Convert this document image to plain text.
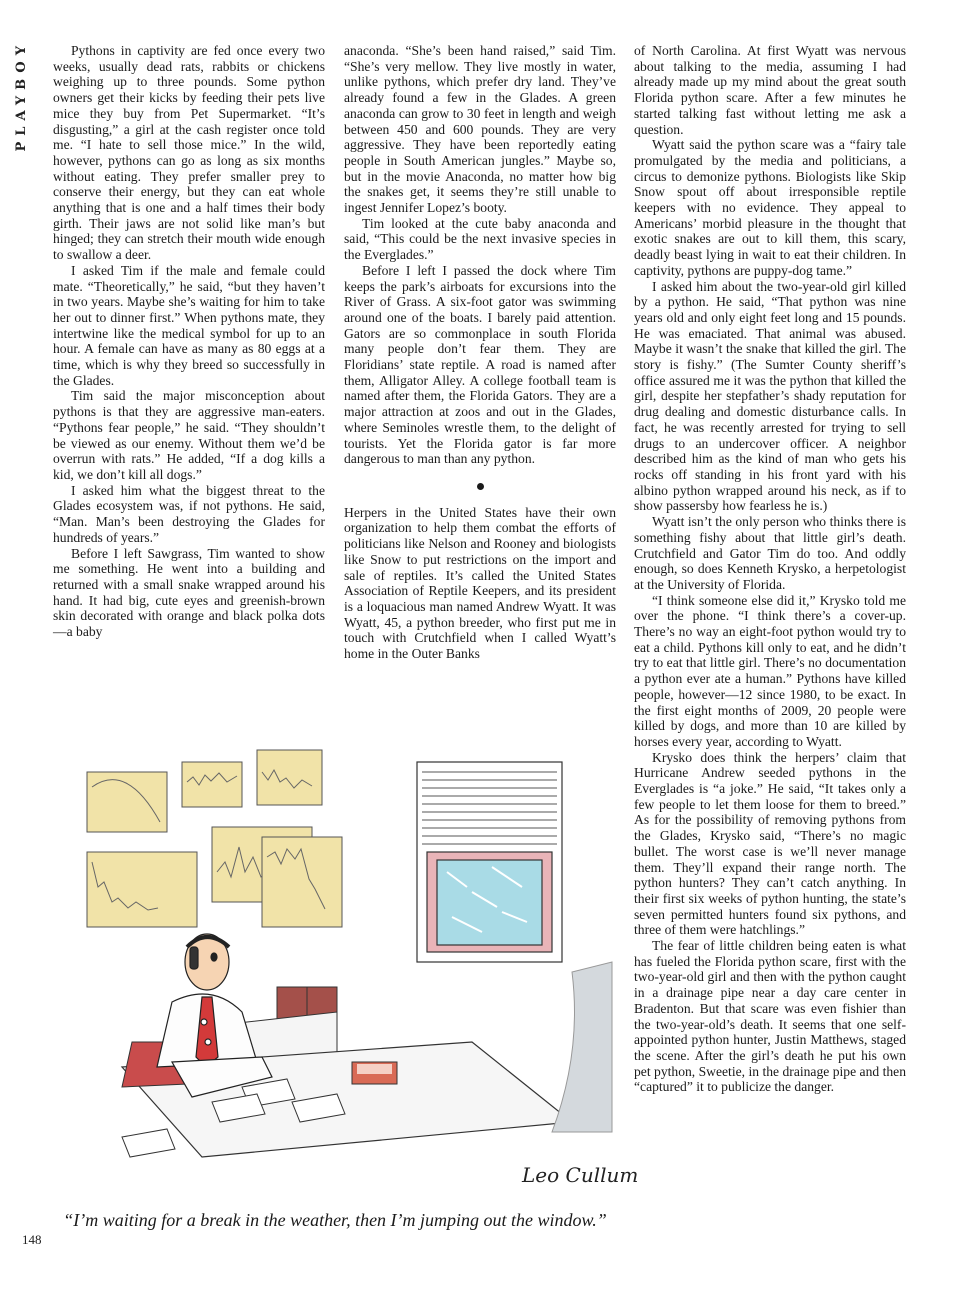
PLAYBOY	Pythons in captivity are fed once every two weeks, usually dead rats, rabbits or chickens weighing up to three pounds. Some python owners get their kicks by feeding their pets live mice they buy from Pet Supermarket. “It’s disgusting,” a girl at the cash register once told me. “I hate to sell those mice.” In the wild, however, pythons can go as long as six months without eating. They prefer smaller prey to conserve their energy, but they can eat whole anything that is one and a half times their body girth. Their jaws are not solid like man’s but hinged; they can stretch their mouth wide enough to swallow a deer.

I asked Tim if the male and female could mate. “Theoretically,” he said, “but they haven’t in two years. Maybe she’s waiting for him to take her out to dinner first.” When pythons mate, they intertwine like the medical symbol for up to an hour. A female can have as many as 80 eggs at a time, which is why they breed so successfully in the Glades.

Tim said the major misconception about pythons is that they are aggressive man-eaters. “Pythons fear people,” he said. “They shouldn’t be viewed as our enemy. Without them we’d be overrun with rats.” He added, “If a dog kills a kid, we don’t kill all dogs.”

I asked him what the biggest threat to the Glades ecosystem was, if not pythons. He said, “Man. Man’s been destroying the Glades for hundreds of years.”

Before I left Sawgrass, Tim wanted to show me something. He went into a building and returned with a small snake wrapped around his hand. It had big, cute eyes and greenish-brown skin decorated with orange and black polka dots—a baby

anaconda. “She’s been hand raised,” said Tim. “She’s very mellow. They live mostly in water, unlike pythons, which prefer dry land. They’ve already found a few in the Glades. A green anaconda can grow to 30 feet in length and weigh between 450 and 600 pounds. They are very aggressive. They have been reportedly eating people in South American jungles.” Maybe so, but in the movie Anaconda, no matter how big the snakes get, it seems they’re still unable to ingest Jennifer Lopez’s booty.

Tim looked at the cute baby anaconda and said, “This could be the next invasive species in the Everglades.”

Before I left I passed the dock where Tim keeps the park’s airboats for excursions into the River of Grass. A six-foot gator was swimming around one of the boats. I barely paid attention. Gators are so commonplace in south Florida many people don’t fear them. They are Floridians’ state reptile. A road is named after them, Alligator Alley. A college football team is named after them, the Florida Gators. They are a major attraction at zoos and out in the Glades, where Seminoles wrestle them, to the delight of tourists. Yet the Florida gator is far more dangerous to man than any python.

Herpers in the United States have their own organization to help them combat the efforts of politicians like Nelson and Rooney and biologists like Snow to put restrictions on the import and sale of reptiles. It’s called the United States Association of Reptile Keepers, and its president is a loquacious man named Andrew Wyatt. It was Wyatt, 45, a python breeder, who first put me in touch with Crutchfield when I called Wyatt’s home in the Outer Banks

of North Carolina. At first Wyatt was nervous about talking to the media, assuming I had already made up my mind about the great south Florida python scare. After a few minutes he started talking fast without letting me ask a question.

Wyatt said the python scare was a “fairy tale promulgated by the media and politicians, a circus to demonize pythons. Biologists like Skip Snow spout off about irresponsible reptile keepers with no evidence. They appeal to Americans’ morbid pleasure in the thought that exotic snakes are out to kill them, this scary, deadly beast lying in wait to eat their children. In captivity, pythons are puppy-dog tame.”

I asked him about the two-year-old girl killed by a python. He said, “That python was nine years old and only eight feet long and 15 pounds. He was emaciated. That animal was abused. Maybe it wasn’t the snake that killed the girl. The story is fishy.” (The Sumter County sheriff’s office assured me it was the python that killed the girl, despite her stepfather’s shady reputation for drug dealing and domestic disturbance calls. In fact, he was recently arrested for trying to sell drugs to an undercover officer. A neighbor described him as the kind of man who gets his rocks off standing in his front yard with his albino python wrapped around his neck, as if to show passersby how fearless he is.)

Wyatt isn’t the only person who thinks there is something fishy about that little girl’s death. Crutchfield and Gator Tim do too. And oddly enough, so does Kenneth Krysko, a herpetologist at the University of Florida.

“I think someone else did it,” Krysko told me over the phone. “I think there’s a cover-up. There’s no way an eight-foot python would try to eat a child. Pythons kill only to eat, and he didn’t try to eat that little girl. There’s no documentation a python ever ate a human.” Pythons have killed people, however—12 since 1980, to be exact. In the first eight months of 2009, 20 people were killed by dogs, and more than 10 are killed by horses every year, according to Wyatt.

Krysko does think the herpers’ claim that Hurricane Andrew seeded pythons in the Everglades is “a joke.” He said, “It takes only a few people to let them loose for them to breed.” As for the possibility of removing pythons from the Glades, Krysko said, “There’s no magic bullet. The worst case is we’ll never manage them. They’ll expand their range north. The python hunters? They can’t catch anything. In their first six weeks of python hunting, the state’s seven permitted hunters found six pythons, and three of them were hatchlings.”

The fear of little children being eaten is what has fueled the Florida python scare, first with the two-year-old girl and then with the python caught in a drainage pipe near a day care center in Bradenton. But that scare was even fishier than the two-year-old’s death. It seems that one self-appointed python hunter, Justin Matthews, staged the scene. After the girl’s death he put his own pet python, Sweetie, in the drainage pipe and then “captured” it to publicize the danger.

Leo Cullum
“I’m waiting for a break in the weather, then I’m jumping out the window.”
148
